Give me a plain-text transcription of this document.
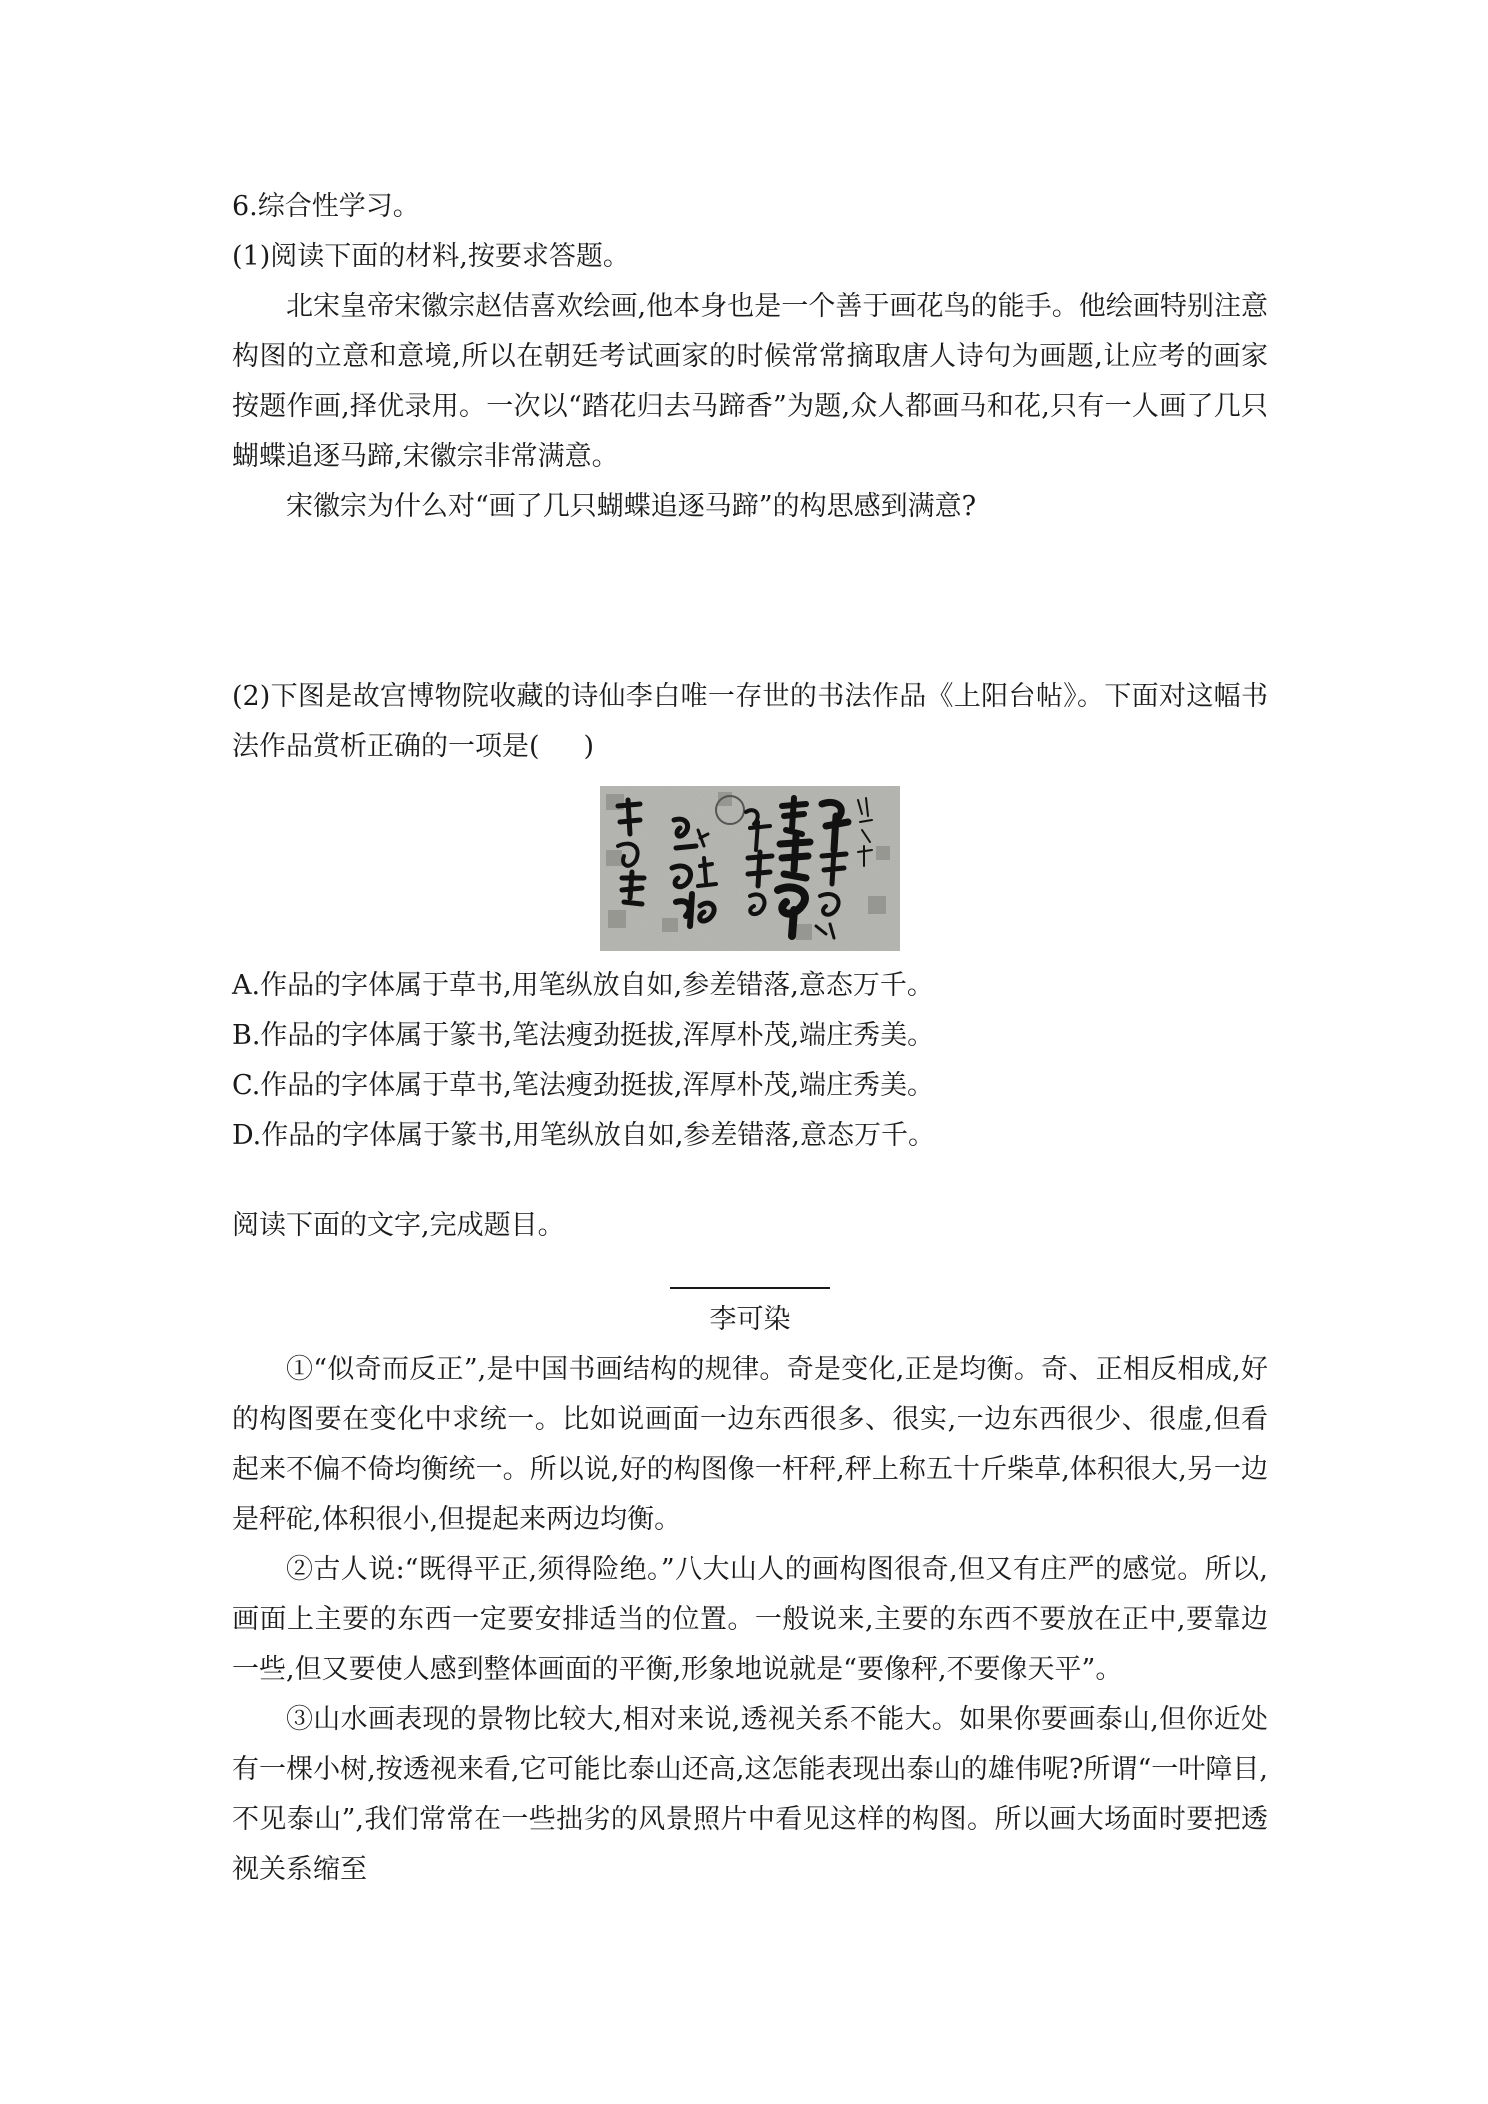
6.综合性学习。
(1)阅读下面的材料,按要求答题。

北宋皇帝宋徽宗赵佶喜欢绘画,他本身也是一个善于画花鸟的能手。他绘画特别注意构图的立意和意境,所以在朝廷考试画家的时候常常摘取唐人诗句为画题,让应考的画家按题作画,择优录用。一次以“踏花归去马蹄香”为题,众人都画马和花,只有一人画了几只蝴蝶追逐马蹄,宋徽宗非常满意。

宋徽宗为什么对“画了几只蝴蝶追逐马蹄”的构思感到满意?

(2)下图是故宫博物院收藏的诗仙李白唯一存世的书法作品《上阳台帖》。下面对这幅书法作品赏析正确的一项是( )

A.作品的字体属于草书,用笔纵放自如,参差错落,意态万千。
B.作品的字体属于篆书,笔法瘦劲挺拔,浑厚朴茂,端庄秀美。
C.作品的字体属于草书,笔法瘦劲挺拔,浑厚朴茂,端庄秀美。
D.作品的字体属于篆书,用笔纵放自如,参差错落,意态万千。
阅读下面的文字,完成题目。
李可染

①“似奇而反正”,是中国书画结构的规律。奇是变化,正是均衡。奇、正相反相成,好的构图要在变化中求统一。比如说画面一边东西很多、很实,一边东西很少、很虚,但看起来不偏不倚均衡统一。所以说,好的构图像一杆秤,秤上称五十斤柴草,体积很大,另一边是秤砣,体积很小,但提起来两边均衡。

②古人说:“既得平正,须得险绝。”八大山人的画构图很奇,但又有庄严的感觉。所以,画面上主要的东西一定要安排适当的位置。一般说来,主要的东西不要放在正中,要靠边一些,但又要使人感到整体画面的平衡,形象地说就是“要像秤,不要像天平”。

③山水画表现的景物比较大,相对来说,透视关系不能大。如果你要画泰山,但你近处有一棵小树,按透视来看,它可能比泰山还高,这怎能表现出泰山的雄伟呢?所谓“一叶障目,不见泰山”,我们常常在一些拙劣的风景照片中看见这样的构图。所以画大场面时要把透视关系缩至
